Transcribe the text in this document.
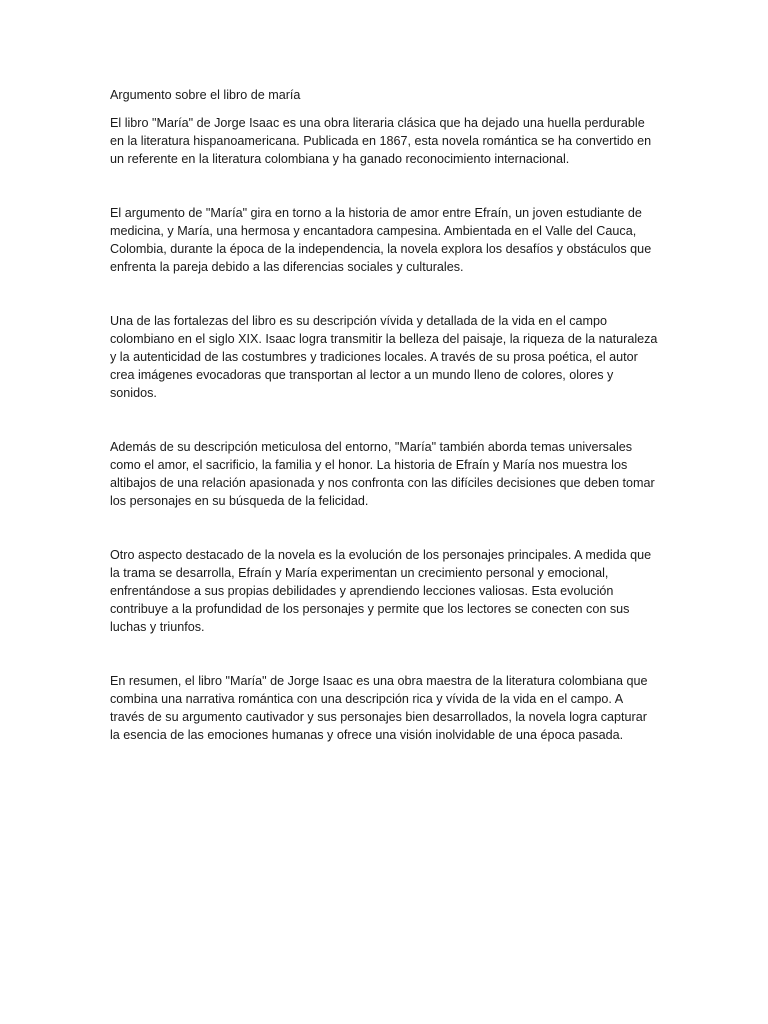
Argumento sobre el libro de maría

El libro "María" de Jorge Isaac es una obra literaria clásica que ha dejado una huella perdurable en la literatura hispanoamericana. Publicada en 1867, esta novela romántica se ha convertido en un referente en la literatura colombiana y ha ganado reconocimiento internacional.

El argumento de "María" gira en torno a la historia de amor entre Efraín, un joven estudiante de medicina, y María, una hermosa y encantadora campesina. Ambientada en el Valle del Cauca, Colombia, durante la época de la independencia, la novela explora los desafíos y obstáculos que enfrenta la pareja debido a las diferencias sociales y culturales.

Una de las fortalezas del libro es su descripción vívida y detallada de la vida en el campo colombiano en el siglo XIX. Isaac logra transmitir la belleza del paisaje, la riqueza de la naturaleza y la autenticidad de las costumbres y tradiciones locales. A través de su prosa poética, el autor crea imágenes evocadoras que transportan al lector a un mundo lleno de colores, olores y sonidos.

Además de su descripción meticulosa del entorno, "María" también aborda temas universales como el amor, el sacrificio, la familia y el honor. La historia de Efraín y María nos muestra los altibajos de una relación apasionada y nos confronta con las difíciles decisiones que deben tomar los personajes en su búsqueda de la felicidad.

Otro aspecto destacado de la novela es la evolución de los personajes principales. A medida que la trama se desarrolla, Efraín y María experimentan un crecimiento personal y emocional, enfrentándose a sus propias debilidades y aprendiendo lecciones valiosas. Esta evolución contribuye a la profundidad de los personajes y permite que los lectores se conecten con sus luchas y triunfos.

En resumen, el libro "María" de Jorge Isaac es una obra maestra de la literatura colombiana que combina una narrativa romántica con una descripción rica y vívida de la vida en el campo. A través de su argumento cautivador y sus personajes bien desarrollados, la novela logra capturar la esencia de las emociones humanas y ofrece una visión inolvidable de una época pasada.
